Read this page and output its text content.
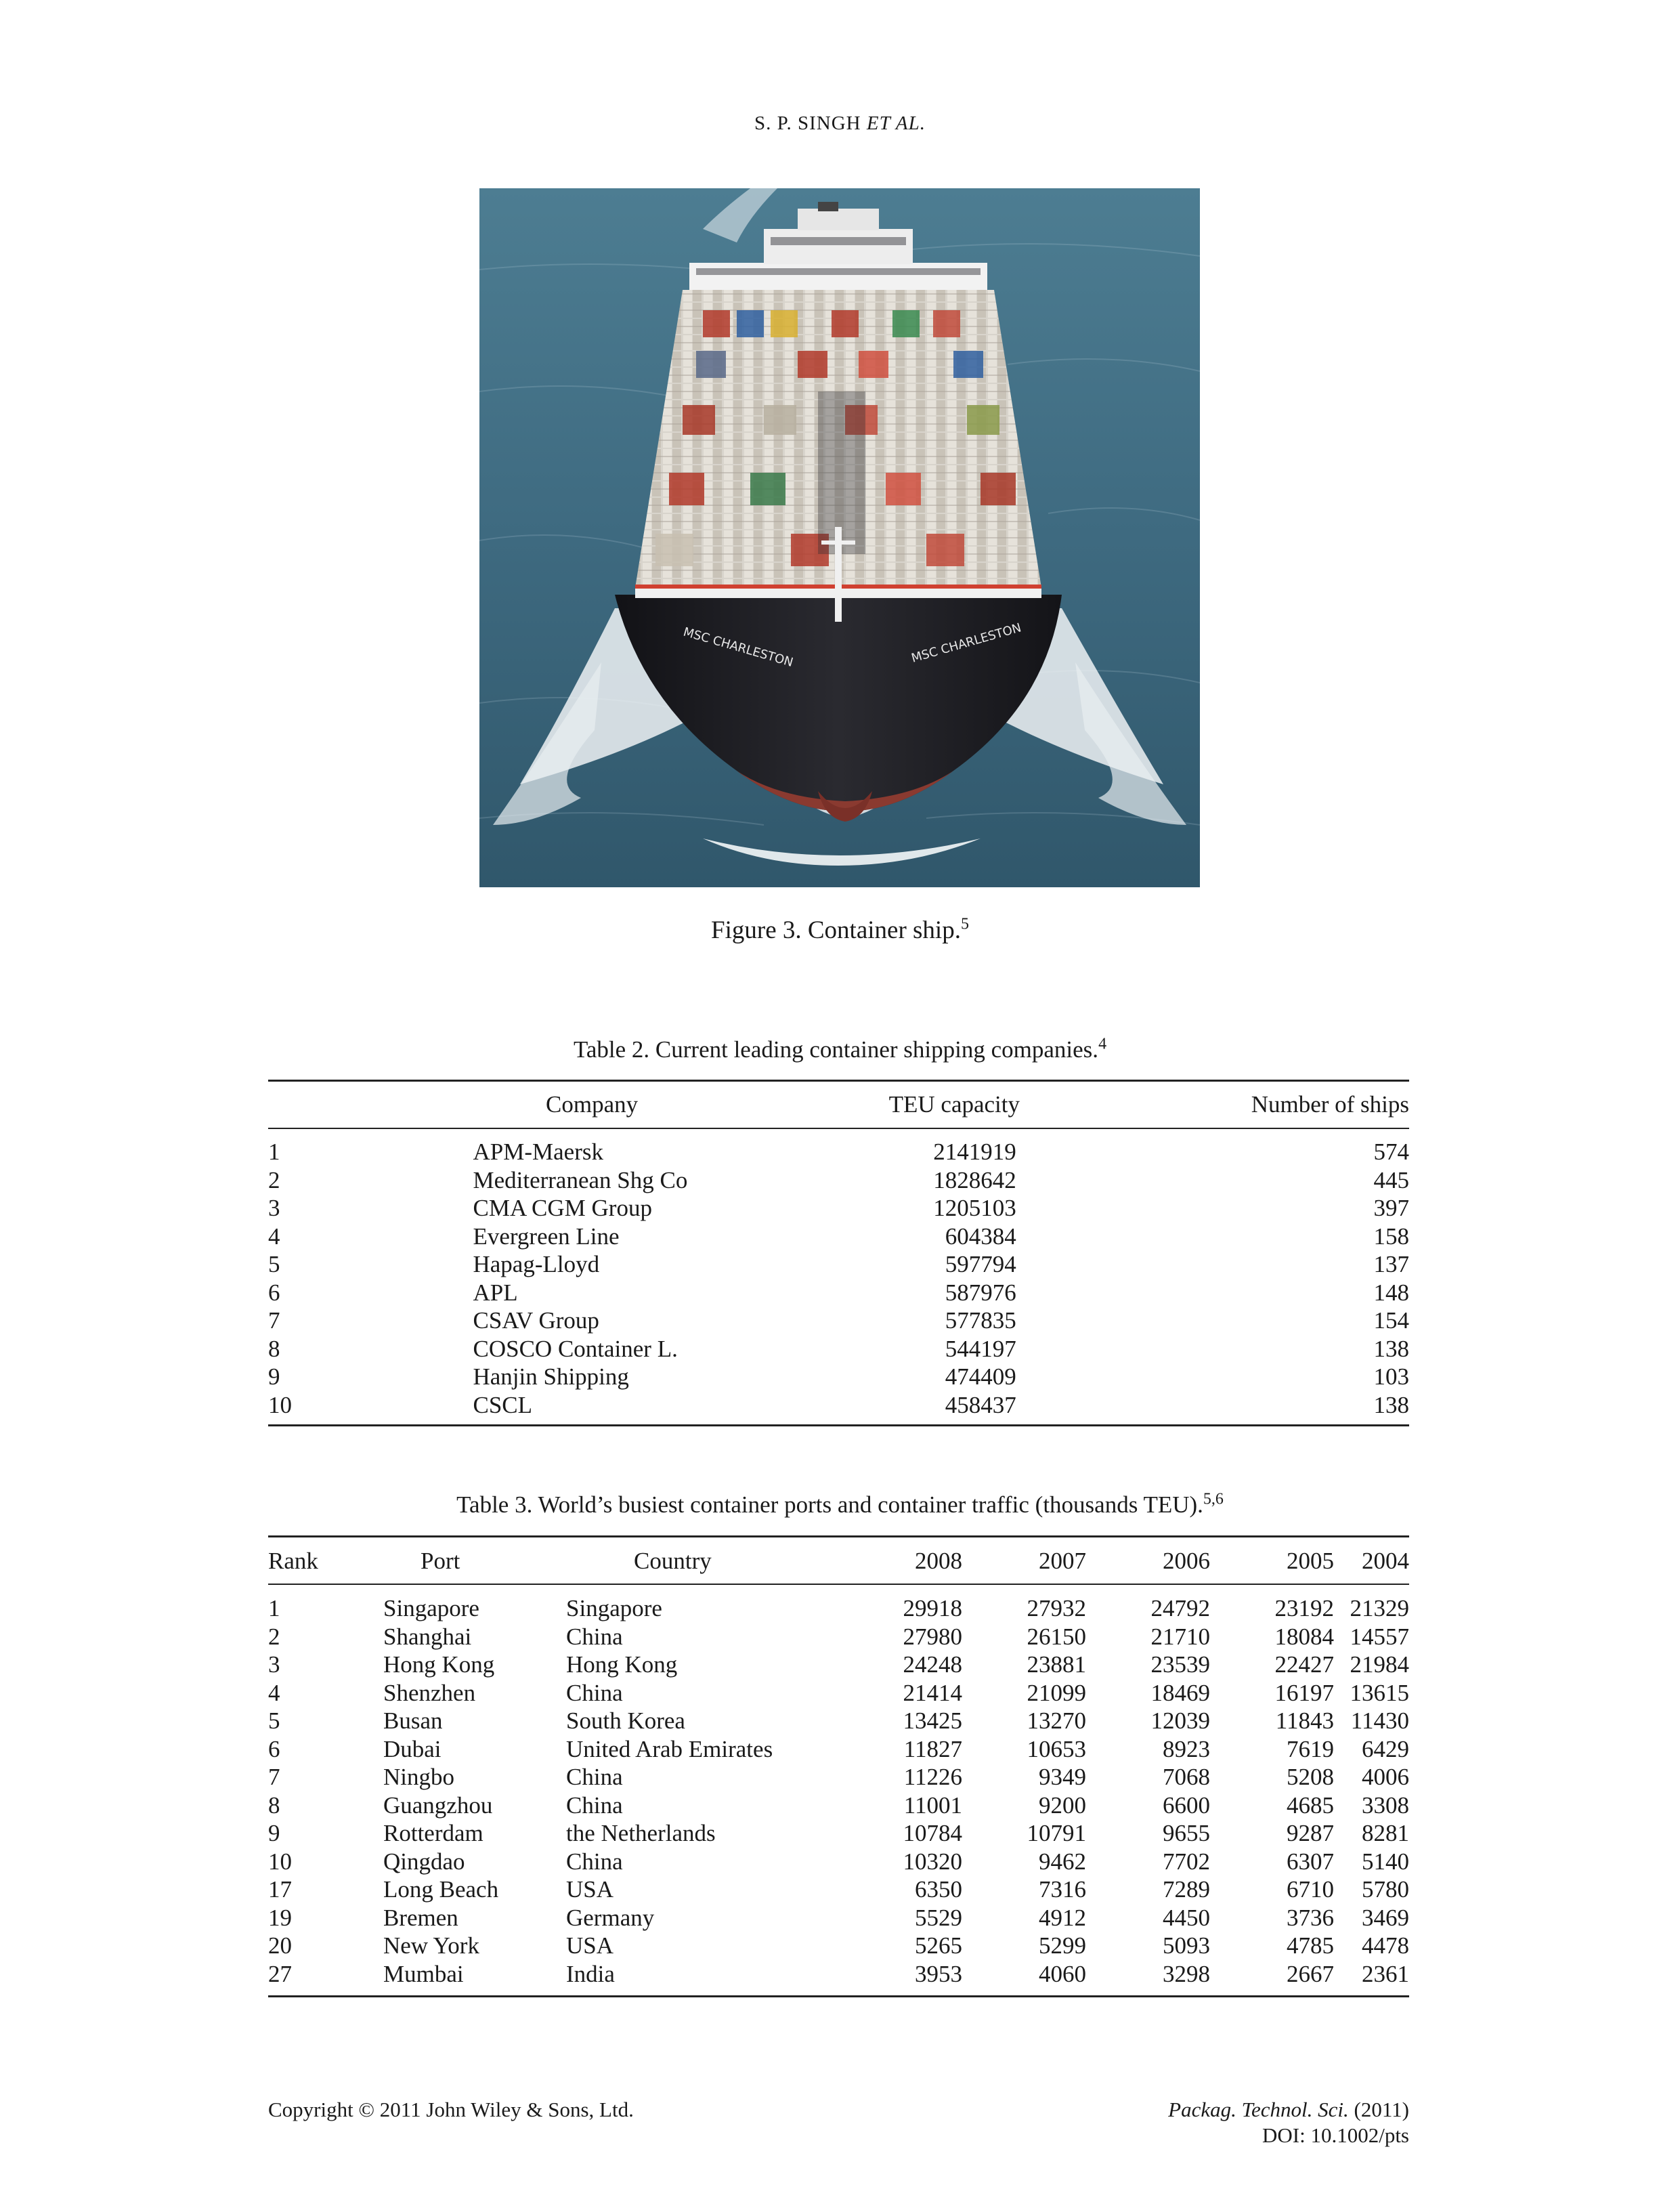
S. P. SINGH ET AL.
MSC CHARLESTON	MSC CHARLESTON
Figure 3. Container ship.$^5$
Table 2. Current leading container shipping companies.$^4$
	Company	TEU capacity	Number of ships
1	APM-Maersk	2141919		574
2	Mediterranean Shg Co	1828642		445
3	CMA CGM Group	1205103		397
4	Evergreen Line	604384		158
5	Hapag-Lloyd	597794		137
6	APL	587976		148
7	CSAV Group	577835		154
8	COSCO Container L.	544197		138
9	Hanjin Shipping	474409		103
10	CSCL	458437		138
Table 3. World’s busiest container ports and container traffic (thousands TEU).$^{5,6}$
Rank	Port	Country	2008	2007	2006	2005	2004
1	Singapore	Singapore	29918	27932	24792	23192	21329
2	Shanghai	China	27980	26150	21710	18084	14557
3	Hong Kong	Hong Kong	24248	23881	23539	22427	21984
4	Shenzhen	China	21414	21099	18469	16197	13615
5	Busan	South Korea	13425	13270	12039	11843	11430
6	Dubai	United Arab Emirates	11827	10653	8923	7619	6429
7	Ningbo	China	11226	9349	7068	5208	4006
8	Guangzhou	China	11001	9200	6600	4685	3308
9	Rotterdam	the Netherlands	10784	10791	9655	9287	8281
10	Qingdao	China	10320	9462	7702	6307	5140
17	Long Beach	USA	6350	7316	7289	6710	5780
19	Bremen	Germany	5529	4912	4450	3736	3469
20	New York	USA	5265	5299	5093	4785	4478
27	Mumbai	India	3953	4060	3298	2667	2361
Copyright © 2011 John Wiley & Sons, Ltd.	Packag. Technol. Sci. (2011)
DOI: 10.1002/pts
